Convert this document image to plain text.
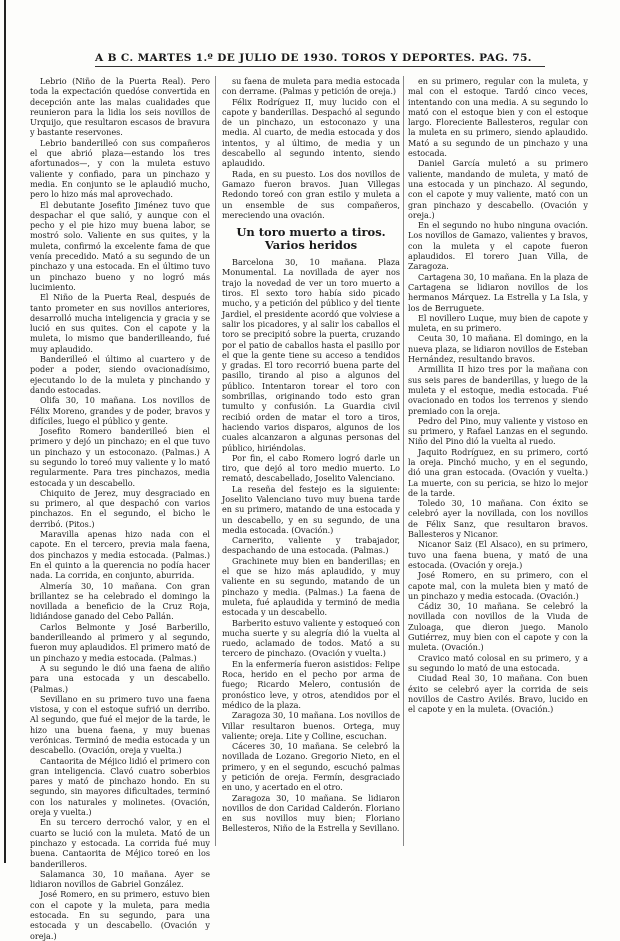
A B C. MARTES 1.º DE JULIO DE 1930. TOROS Y DEPORTES. PAG. 75.

Lebrio (Niño de la Puerta Real). Pero toda la expectación quedóse convertida en decepción ante las malas cualidades que reunieron para la lidia los seis novillos de Urquijo, que resultaron escasos de bravura y bastante reservones.

Lebrio banderilleó con sus compañeros el que abrió plaza—estando los tres afortunados—, y con la muleta estuvo valiente y confiado, para un pinchazo y media. En conjunto se le aplaudió mucho, pero lo hizo más mal aprovechado.

El debutante Josefito Jiménez tuvo que despachar el que salió, y aunque con el pecho y el pie hizo muy buena labor, se mostró solo. Valiente en sus quites, y la muleta, confirmó la excelente fama de que venía precedido. Mató a su segundo de un pinchazo y una estocada. En el último tuvo un pinchazo bueno y no logró más lucimiento.

El Niño de la Puerta Real, después de tanto prometer en sus novillos anteriores, desarrolló mucha inteligencia y gracia y se lució en sus quites. Con el capote y la muleta, lo mismo que banderilleando, fué muy aplaudido.

Banderilleó el último al cuartero y de poder a poder, siendo ovacionadísimo, ejecutando lo de la muleta y pinchando y dando estocadas.

Olifa 30, 10 mañana. Los novillos de Félix Moreno, grandes y de poder, bravos y difíciles, luego el público y gente.

Josefito Romero banderilleó bien el primero y dejó un pinchazo; en el que tuvo un pinchazo y un estoconazo. (Palmas.) A su segundo lo toreó muy valiente y lo mató regularmente. Para tres pinchazos, media estocada y un descabello.

Chiquito de Jerez, muy desgraciado en su primero, al que despachó con varios pinchazos. En el segundo, el bicho le derribó. (Pitos.)

Maravilla apenas hizo nada con el capote. En el tercero, previa mala faena, dos pinchazos y media estocada. (Palmas.) En el quinto a la querencia no podía hacer nada. La corrida, en conjunto, aburrida.

Almería 30, 10 mañana. Con gran brillantez se ha celebrado el domingo la novillada a beneficio de la Cruz Roja, lidiándose ganado del Cebo Pallán.

Carlos Belmonte y José Barberillo, banderilleando al primero y al segundo, fueron muy aplaudidos. El primero mató de un pinchazo y media estocada. (Palmas.)

A su segundo le dió una faena de aliño para una estocada y un descabello. (Palmas.)

Sevillano en su primero tuvo una faena vistosa, y con el estoque sufrió un derribo. Al segundo, que fué el mejor de la tarde, le hizo una buena faena, y muy buenas verónicas. Terminó de media estocada y un descabello. (Ovación, oreja y vuelta.)

Cantaorita de Méjico lidió el primero con gran inteligencia. Clavó cuatro soberbios pares y mató de pinchazo hondo. En su segundo, sin mayores dificultades, terminó con los naturales y molinetes. (Ovación, oreja y vuelta.)

En su tercero derrochó valor, y en el cuarto se lució con la muleta. Mató de un pinchazo y estocada. La corrida fué muy buena. Cantaorita de Méjico toreó en los banderilleros.

Salamanca 30, 10 mañana. Ayer se lidiaron novillos de Gabriel González.

José Romero, en su primero, estuvo bien con el capote y la muleta, para media estocada. En su segundo, para una estocada y un descabello. (Ovación y oreja.)

su faena de muleta para media estocada con derrame. (Palmas y petición de oreja.)

Félix Rodríguez II, muy lucido con el capote y banderillas. Despachó al segundo de un pinchazo, un estoconazo y una media. Al cuarto, de media estocada y dos intentos, y al último, de media y un descabello al segundo intento, siendo aplaudido.

Rada, en su puesto. Los dos novillos de Gamazo fueron bravos. Juan Villegas Redondo toreó con gran estilo y muleta a un ensemble de sus compañeros, mereciendo una ovación.

Un toro muerto a tiros. Varios heridos

Barcelona 30, 10 mañana. Plaza Monumental. La novillada de ayer nos trajo la novedad de ver un toro muerto a tiros. El sexto toro había sido picado mucho, y a petición del público y del tiente Jardiel, el presidente acordó que volviese a salir los picadores, y al salir los caballos el toro se precipitó sobre la puerta, cruzando por el patio de caballos hasta el pasillo por el que la gente tiene su acceso a tendidos y gradas. El toro recorrió buena parte del pasillo, tirando al piso a algunos del público. Intentaron torear el toro con sombrillas, originando todo esto gran tumulto y confusión. La Guardia civil recibió orden de matar el toro a tiros, haciendo varios disparos, algunos de los cuales alcanzaron a algunas personas del público, hiriéndolas.

Por fin, el cabo Romero logró darle un tiro, que dejó al toro medio muerto. Lo remató, descabellado, Joselito Valenciano.

La reseña del festejo es la siguiente: Joselito Valenciano tuvo muy buena tarde en su primero, matando de una estocada y un descabello, y en su segundo, de una media estocada. (Ovación.)

Carnerito, valiente y trabajador, despachando de una estocada. (Palmas.)

Grachinete muy bien en banderillas; en el que se hizo más aplaudido, y muy valiente en su segundo, matando de un pinchazo y media. (Palmas.) La faena de muleta, fué aplaudida y terminó de media estocada y un descabello.

Barberito estuvo valiente y estoqueó con mucha suerte y su alegría dió la vuelta al ruedo, aclamado de todos. Mató a su tercero de pinchazo. (Ovación y vuelta.)

En la enfermería fueron asistidos: Felipe Roca, herido en el pecho por arma de fuego; Ricardo Melero, contusión de pronóstico leve, y otros, atendidos por el médico de la plaza.

Zaragoza 30, 10 mañana. Los novillos de Villar resultaron buenos. Ortega, muy valiente; oreja. Lite y Colline, escuchan.

Cáceres 30, 10 mañana. Se celebró la novillada de Lozano. Gregorio Nieto, en el primero, y en el segundo, escuchó palmas y petición de oreja. Fermín, desgraciado en uno, y acertado en el otro.

Zaragoza 30, 10 mañana. Se lidiaron novillos de don Caridad Calderón. Floriano en sus novillos muy bien; Floriano Bellesteros, Niño de la Estrella y Sevillano.

en su primero, regular con la muleta, y mal con el estoque. Tardó cinco veces, intentando con una media. A su segundo lo mató con el estoque bien y con el estoque largo. Floreciente Ballesteros, regular con la muleta en su primero, siendo aplaudido. Mató a su segundo de un pinchazo y una estocada.

Daniel García muletó a su primero valiente, mandando de muleta, y mató de una estocada y un pinchazo. Al segundo, con el capote y muy valiente, mató con un gran pinchazo y descabello. (Ovación y oreja.)

En el segundo no hubo ninguna ovación. Los novillos de Gamazo, valientes y bravos, con la muleta y el capote fueron aplaudidos. El torero Juan Villa, de Zaragoza.

Cartagena 30, 10 mañana. En la plaza de Cartagena se lidiaron novillos de los hermanos Márquez. La Estrella y La Isla, y los de Berruguete.

El novillero Luque, muy bien de capote y muleta, en su primero.

Ceuta 30, 10 mañana. El domingo, en la nueva plaza, se lidiaron novillos de Esteban Hernández, resultando bravos.

Armillita II hizo tres por la mañana con sus seis pares de banderillas, y luego de la muleta y el estoque, media estocada. Fué ovacionado en todos los terrenos y siendo premiado con la oreja.

Pedro del Pino, muy valiente y vistoso en su primero, y Rafael Lanzas en el segundo. Niño del Pino dió la vuelta al ruedo.

Jaquito Rodríguez, en su primero, cortó la oreja. Pinchó mucho, y en el segundo, dió una gran estocada. (Ovación y vuelta.) La muerte, con su pericia, se hizo lo mejor de la tarde.

Toledo 30, 10 mañana. Con éxito se celebró ayer la novillada, con los novillos de Félix Sanz, que resultaron bravos. Ballesteros y Nicanor.

Nicanor Saiz (El Alsaco), en su primero, tuvo una faena buena, y mató de una estocada. (Ovación y oreja.)

José Romero, en su primero, con el capote mal, con la muleta bien y mató de un pinchazo y media estocada. (Ovación.)

Cádiz 30, 10 mañana. Se celebró la novillada con novillos de la Viuda de Zuloaga, que dieron juego. Manolo Gutiérrez, muy bien con el capote y con la muleta. (Ovación.)

Cravico mató colosal en su primero, y a su segundo lo mató de una estocada.

Ciudad Real 30, 10 mañana. Con buen éxito se celebró ayer la corrida de seis novillos de Castro Avilés. Bravo, lucido en el capote y en la muleta. (Ovación.)
